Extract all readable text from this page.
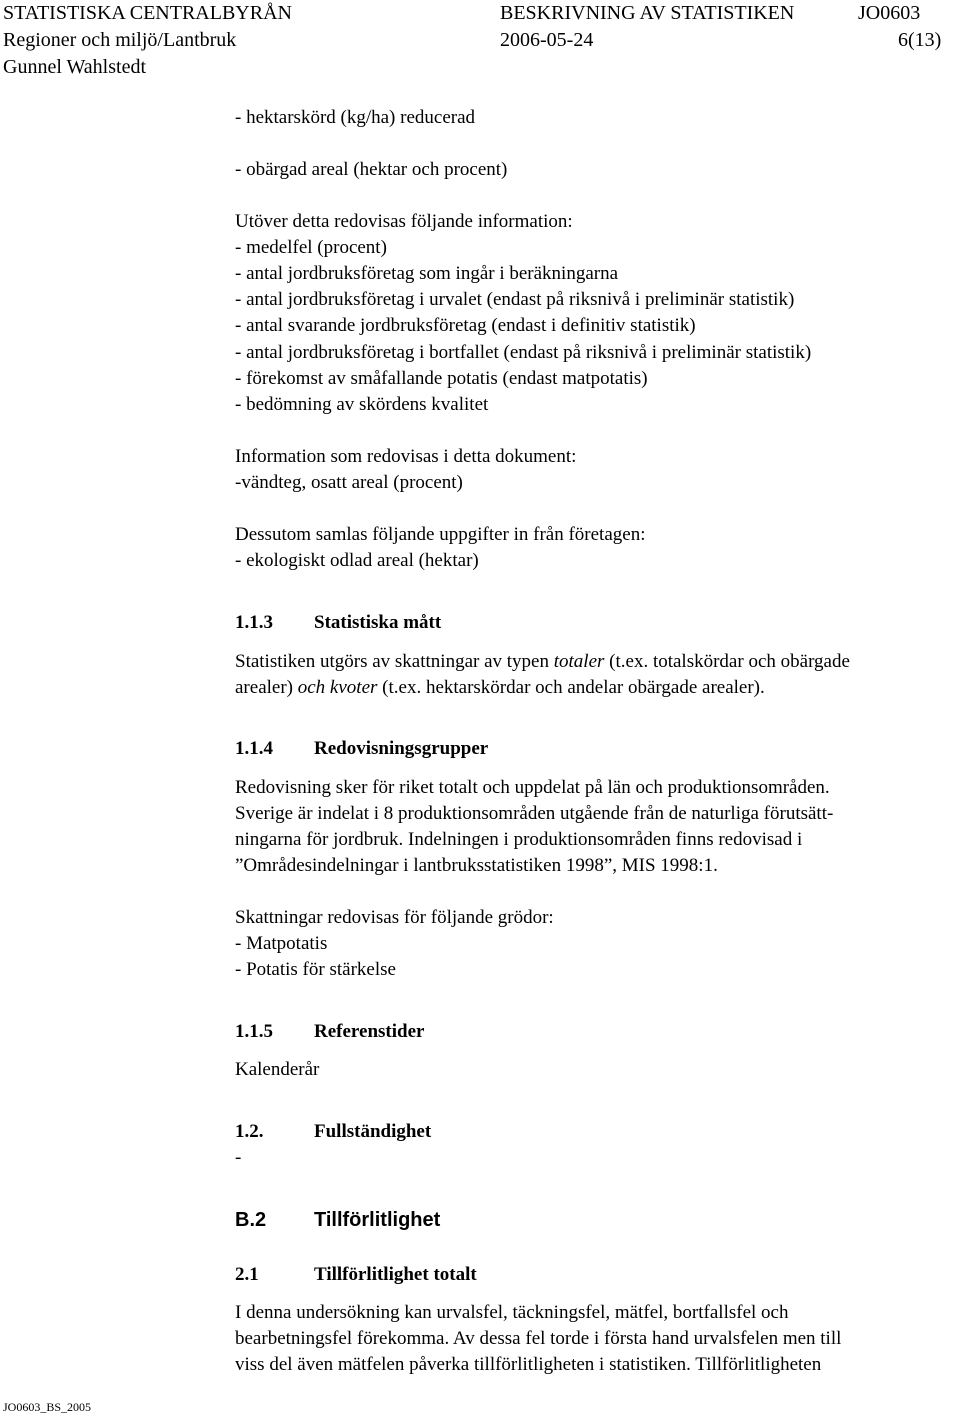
STATISTISKA CENTRALBYRÅN	BESKRIVNING AV STATISTIKEN	JO0603
Regioner och miljö/Lantbruk	2006-05-24	6(13)
Gunnel Wahlstedt
- hektarskörd (kg/ha) reducerad
- obärgad areal (hektar och procent)
Utöver detta redovisas följande information:
- medelfel (procent)
- antal jordbruksföretag som ingår i beräkningarna
- antal jordbruksföretag i urvalet (endast på riksnivå i preliminär statistik)
- antal svarande jordbruksföretag (endast i definitiv statistik)
- antal jordbruksföretag i bortfallet (endast på riksnivå i preliminär statistik)
- förekomst av småfallande potatis (endast matpotatis)
- bedömning av skördens kvalitet
Information som redovisas i detta dokument:
-vändteg, osatt areal (procent)
Dessutom samlas följande uppgifter in från företagen:
- ekologiskt odlad areal (hektar)
1.1.3 Statistiska mått
Statistiken utgörs av skattningar av typen totaler (t.ex. totalskördar och obärgade
arealer) och kvoter (t.ex. hektarskördar och andelar obärgade arealer).
1.1.4 Redovisningsgrupper
Redovisning sker för riket totalt och uppdelat på län och produktionsområden.
Sverige är indelat i 8 produktionsområden utgående från de naturliga förutsätt-
ningarna för jordbruk. Indelningen i produktionsområden finns redovisad i
”Områdesindelningar i lantbruksstatistiken 1998”, MIS 1998:1.
Skattningar redovisas för följande grödor:
- Matpotatis
- Potatis för stärkelse
1.1.5 Referenstider
Kalenderår
1.2.	Fullständighet
-
B.2 Tillförlitlighet
2.1	Tillförlitlighet totalt
I denna undersökning kan urvalsfel, täckningsfel, mätfel, bortfallsfel och
bearbetningsfel förekomma. Av dessa fel torde i första hand urvalsfelen men till
viss del även mätfelen påverka tillförlitligheten i statistiken. Tillförlitligheten
JO0603_BS_2005
